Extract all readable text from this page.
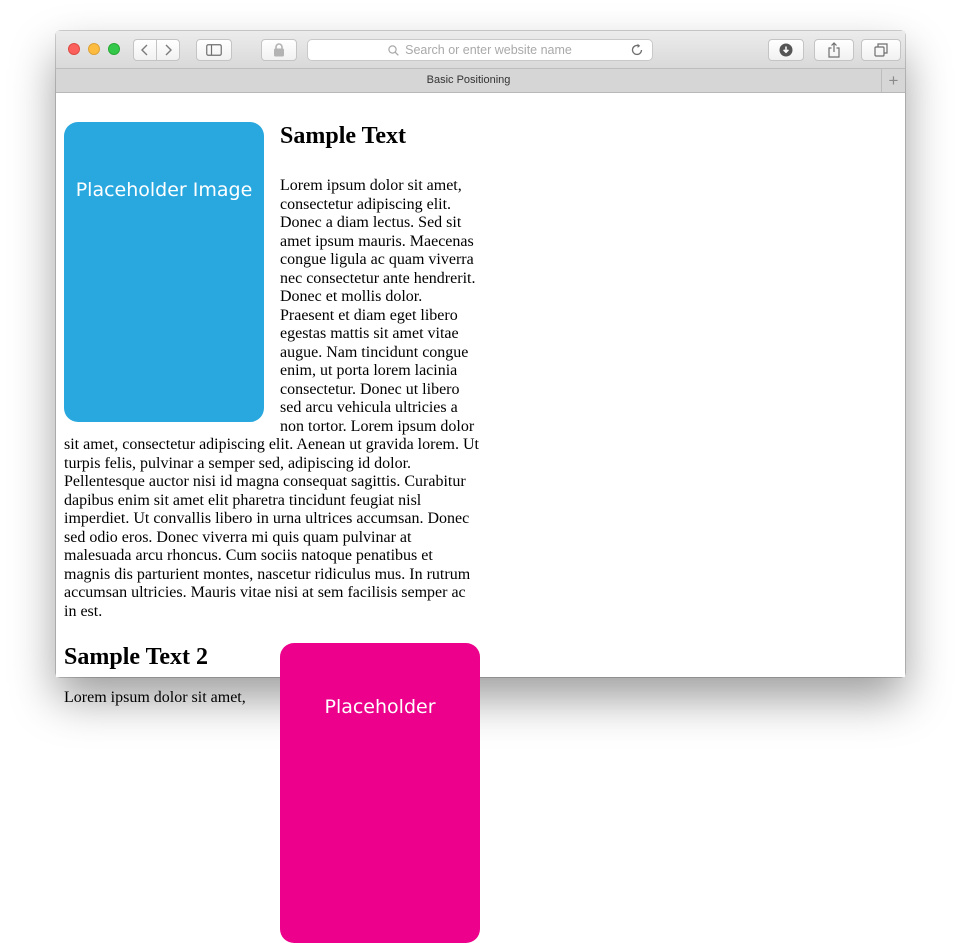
Search or enter website name
Basic Positioning	+
Placeholder Image
Sample Text

Lorem ipsum dolor sit amet, consectetur adipiscing elit. Donec a diam lectus. Sed sit amet ipsum mauris. Maecenas congue ligula ac quam viverra nec consectetur ante hendrerit. Donec et mollis dolor. Praesent et diam eget libero egestas mattis sit amet vitae augue. Nam tincidunt congue enim, ut porta lorem lacinia consectetur. Donec ut libero sed arcu vehicula ultricies a non tortor. Lorem ipsum dolor sit amet, consectetur adipiscing elit. Aenean ut gravida lorem. Ut turpis felis, pulvinar a semper sed, adipiscing id dolor. Pellentesque auctor nisi id magna consequat sagittis. Curabitur dapibus enim sit amet elit pharetra tincidunt feugiat nisl imperdiet. Ut convallis libero in urna ultrices accumsan. Donec sed odio eros. Donec viverra mi quis quam pulvinar at malesuada arcu rhoncus. Cum sociis natoque penatibus et magnis dis parturient montes, nascetur ridiculus mus. In rutrum accumsan ultricies. Mauris vitae nisi at sem facilisis semper ac in est.

Placeholder
Sample Text 2

Lorem ipsum dolor sit amet,
